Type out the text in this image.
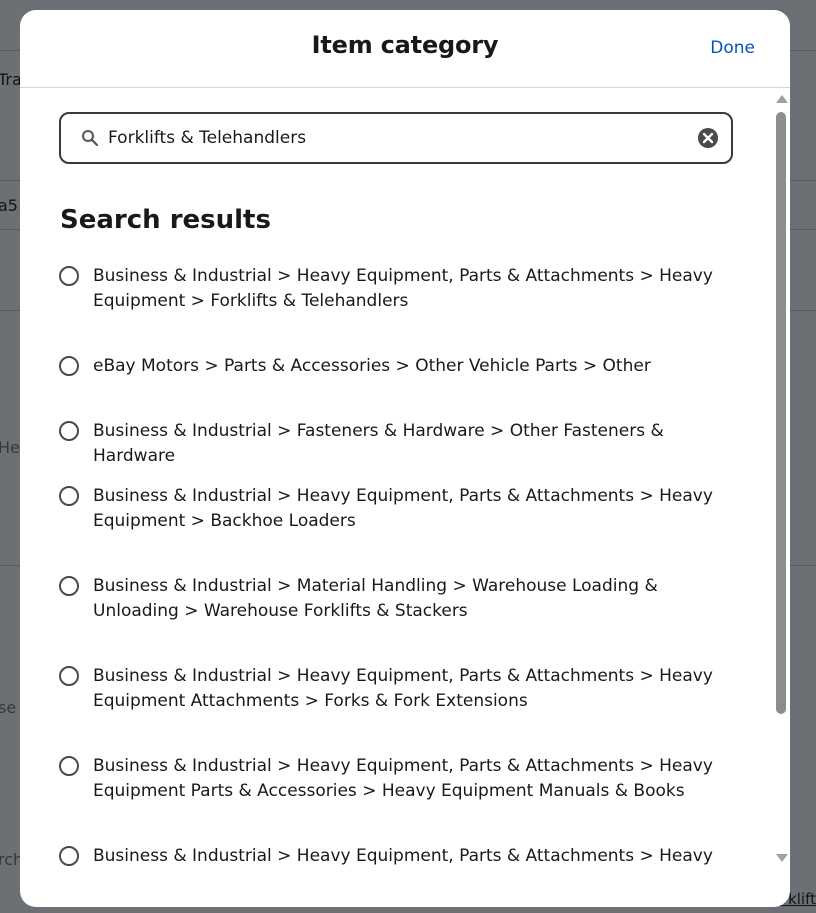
Item category	Done
Forklifts & Telehandlers
Search results
Business & Industrial > Heavy Equipment, Parts & Attachments > Heavy Equipment > Forklifts & Telehandlers
eBay Motors > Parts & Accessories > Other Vehicle Parts > Other
Business & Industrial > Fasteners & Hardware > Other Fasteners & Hardware
Business & Industrial > Heavy Equipment, Parts & Attachments > Heavy Equipment > Backhoe Loaders
Business & Industrial > Material Handling > Warehouse Loading & Unloading > Warehouse Forklifts & Stackers
Business & Industrial > Heavy Equipment, Parts & Attachments > Heavy Equipment Attachments > Forks & Fork Extensions
Business & Industrial > Heavy Equipment, Parts & Attachments > Heavy Equipment Parts & Accessories > Heavy Equipment Manuals & Books
Business & Industrial > Heavy Equipment, Parts & Attachments > Heavy
